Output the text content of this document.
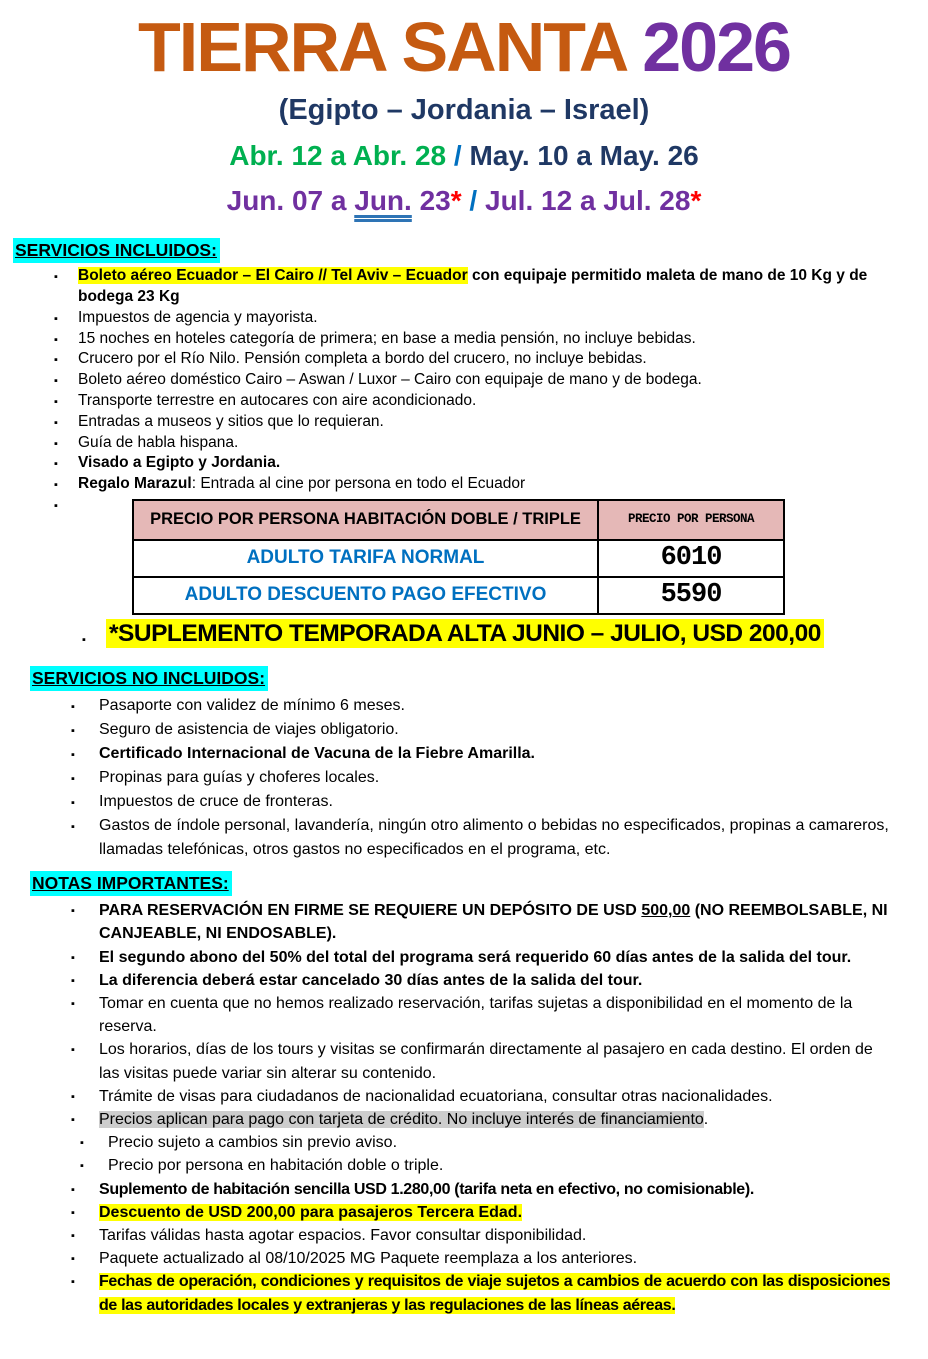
TIERRA SANTA 2026
(Egipto – Jordania – Israel)
Abr. 12 a Abr. 28 / May. 10 a May. 26
Jun. 07 a Jun. 23* / Jul. 12 a Jul. 28*
SERVICIOS INCLUIDOS:
▪ Boleto aéreo Ecuador – El Cairo // Tel Aviv – Ecuador con equipaje permitido maleta de mano de 10 Kg y de bodega 23 Kg
▪ Impuestos de agencia y mayorista.
▪ 15 noches en hoteles categoría de primera; en base a media pensión, no incluye bebidas.
▪ Crucero por el Río Nilo. Pensión completa a bordo del crucero, no incluye bebidas.
▪ Boleto aéreo doméstico Cairo – Aswan / Luxor – Cairo con equipaje de mano y de bodega.
▪ Transporte terrestre en autocares con aire acondicionado.
▪ Entradas a museos y sitios que lo requieran.
▪ Guía de habla hispana.
▪ Visado a Egipto y Jordania.
▪ Regalo Marazul: Entrada al cine por persona en todo el Ecuador
PRECIO POR PERSONA HABITACIÓN DOBLE / TRIPLE	PRECIO POR PERSONA
ADULTO TARIFA NORMAL	6010
ADULTO DESCUENTO PAGO EFECTIVO	5590
▪ *SUPLEMENTO TEMPORADA ALTA JUNIO – JULIO, USD 200,00
SERVICIOS NO INCLUIDOS:
▪ Pasaporte con validez de mínimo 6 meses.
▪ Seguro de asistencia de viajes obligatorio.
▪ Certificado Internacional de Vacuna de la Fiebre Amarilla.
▪ Propinas para guías y choferes locales.
▪ Impuestos de cruce de fronteras.
▪ Gastos de índole personal, lavandería, ningún otro alimento o bebidas no especificados, propinas a camareros, llamadas telefónicas, otros gastos no especificados en el programa, etc.
NOTAS IMPORTANTES:
▪ PARA RESERVACIÓN EN FIRME SE REQUIERE UN DEPÓSITO DE USD 500,00 (NO REEMBOLSABLE, NI CANJEABLE, NI ENDOSABLE).
▪ El segundo abono del 50% del total del programa será requerido 60 días antes de la salida del tour.
▪ La diferencia deberá estar cancelado 30 días antes de la salida del tour.
▪ Tomar en cuenta que no hemos realizado reservación, tarifas sujetas a disponibilidad en el momento de la reserva.
▪ Los horarios, días de los tours y visitas se confirmarán directamente al pasajero en cada destino. El orden de las visitas puede variar sin alterar su contenido.
▪ Trámite de visas para ciudadanos de nacionalidad ecuatoriana, consultar otras nacionalidades.
▪ Precios aplican para pago con tarjeta de crédito. No incluye interés de financiamiento.
▪ Precio sujeto a cambios sin previo aviso.
▪ Precio por persona en habitación doble o triple.
▪ Suplemento de habitación sencilla USD 1.280,00 (tarifa neta en efectivo, no comisionable).
▪ Descuento de USD 200,00 para pasajeros Tercera Edad.
▪ Tarifas válidas hasta agotar espacios. Favor consultar disponibilidad.
▪ Paquete actualizado al 08/10/2025 MG Paquete reemplaza a los anteriores.
▪ Fechas de operación, condiciones y requisitos de viaje sujetos a cambios de acuerdo con las disposiciones de las autoridades locales y extranjeras y las regulaciones de las líneas aéreas.
